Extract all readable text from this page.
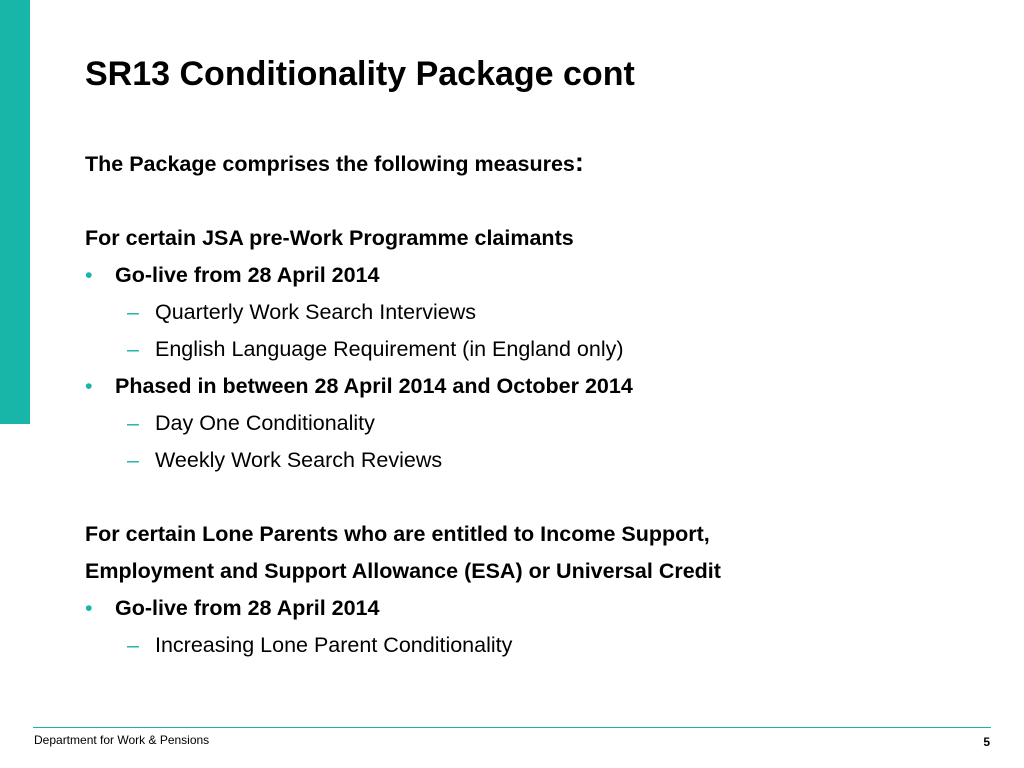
SR13 Conditionality Package cont
The Package comprises the following measures:
For certain JSA pre-Work Programme claimants
• Go-live from 28 April 2014
– Quarterly Work Search Interviews
– English Language Requirement (in England only)
• Phased in between 28 April 2014 and October 2014
– Day One Conditionality
– Weekly Work Search Reviews
For certain Lone Parents who are entitled to Income Support,
Employment and Support Allowance (ESA) or Universal Credit
• Go-live from 28 April 2014
– Increasing Lone Parent Conditionality
Department for Work & Pensions	5
